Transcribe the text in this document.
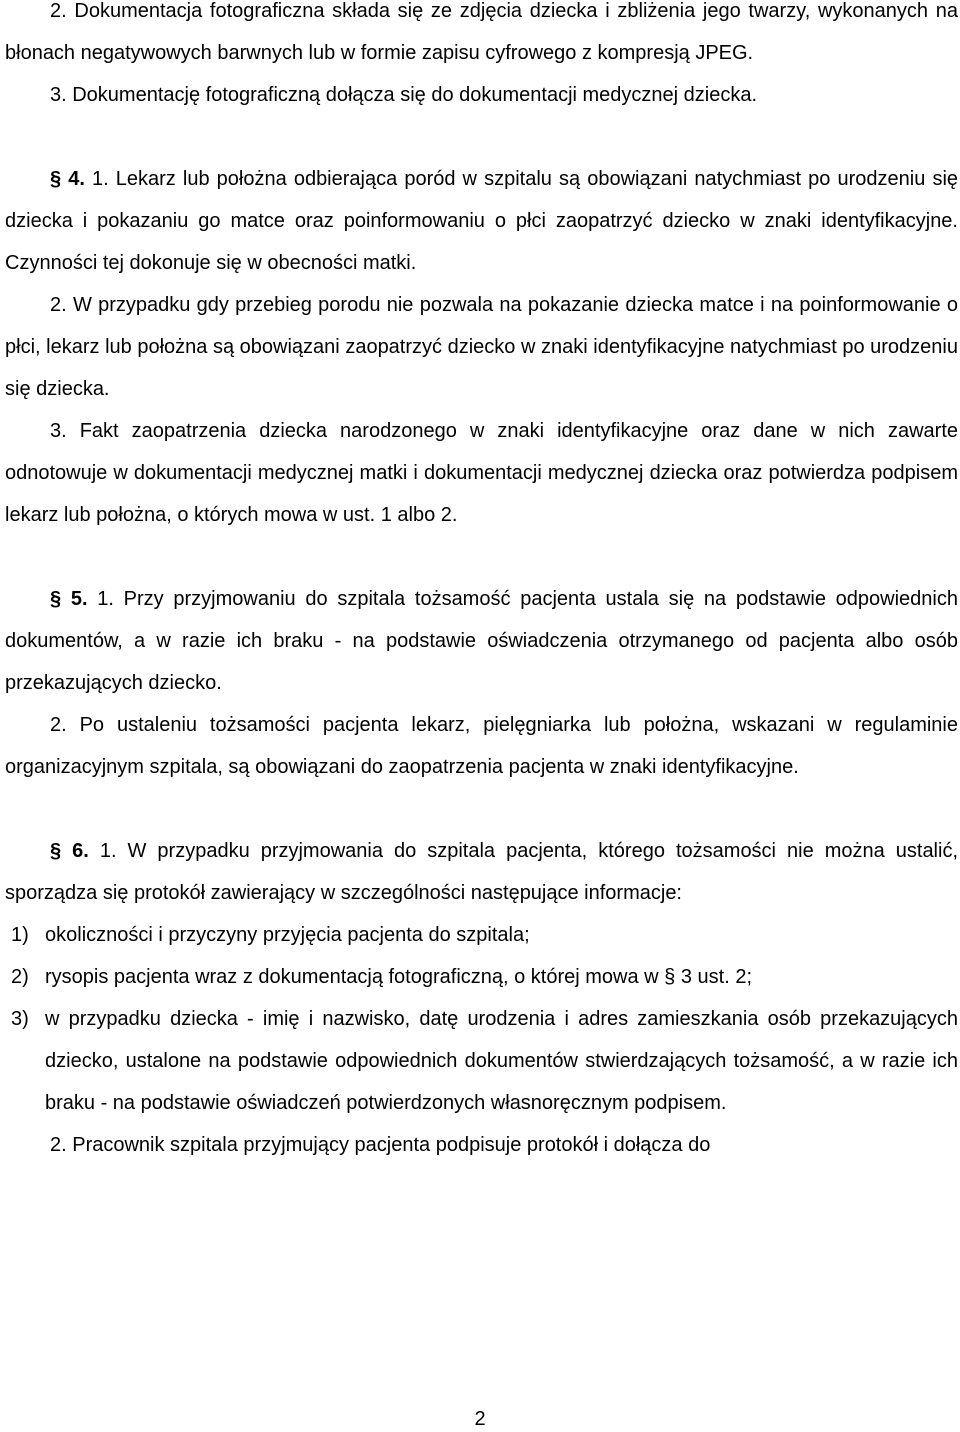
2. Dokumentacja fotograficzna składa się ze zdjęcia dziecka i zbliżenia jego twarzy, wykonanych na błonach negatywowych barwnych lub w formie zapisu cyfrowego z kompresją JPEG.

3. Dokumentację fotograficzną dołącza się do dokumentacji medycznej dziecka.

§ 4. 1. Lekarz lub położna odbierająca poród w szpitalu są obowiązani natychmiast po urodzeniu się dziecka i pokazaniu go matce oraz poinformowaniu o płci zaopatrzyć dziecko w znaki identyfikacyjne. Czynności tej dokonuje się w obecności matki.

2. W przypadku gdy przebieg porodu nie pozwala na pokazanie dziecka matce i na poinformowanie o płci, lekarz lub położna są obowiązani zaopatrzyć dziecko w znaki identyfikacyjne natychmiast po urodzeniu się dziecka.

3. Fakt zaopatrzenia dziecka narodzonego w znaki identyfikacyjne oraz dane w nich zawarte odnotowuje w dokumentacji medycznej matki i dokumentacji medycznej dziecka oraz potwierdza podpisem lekarz lub położna, o których mowa w ust. 1 albo 2.

§ 5. 1. Przy przyjmowaniu do szpitala tożsamość pacjenta ustala się na podstawie odpowiednich dokumentów, a w razie ich braku - na podstawie oświadczenia otrzymanego od pacjenta albo osób przekazujących dziecko.

2. Po ustaleniu tożsamości pacjenta lekarz, pielęgniarka lub położna, wskazani w regulaminie organizacyjnym szpitala, są obowiązani do zaopatrzenia pacjenta w znaki identyfikacyjne.

§ 6. 1. W przypadku przyjmowania do szpitala pacjenta, którego tożsamości nie można ustalić, sporządza się protokół zawierający w szczególności następujące informacje:

1) okoliczności i przyczyny przyjęcia pacjenta do szpitala;
2) rysopis pacjenta wraz z dokumentacją fotograficzną, o której mowa w § 3 ust. 2;
3) w przypadku dziecka - imię i nazwisko, datę urodzenia i adres zamieszkania osób przekazujących dziecko, ustalone na podstawie odpowiednich dokumentów stwierdzających tożsamość, a w razie ich braku - na podstawie oświadczeń potwierdzonych własnoręcznym podpisem.

2. Pracownik szpitala przyjmujący pacjenta podpisuje protokół i dołącza do

2
